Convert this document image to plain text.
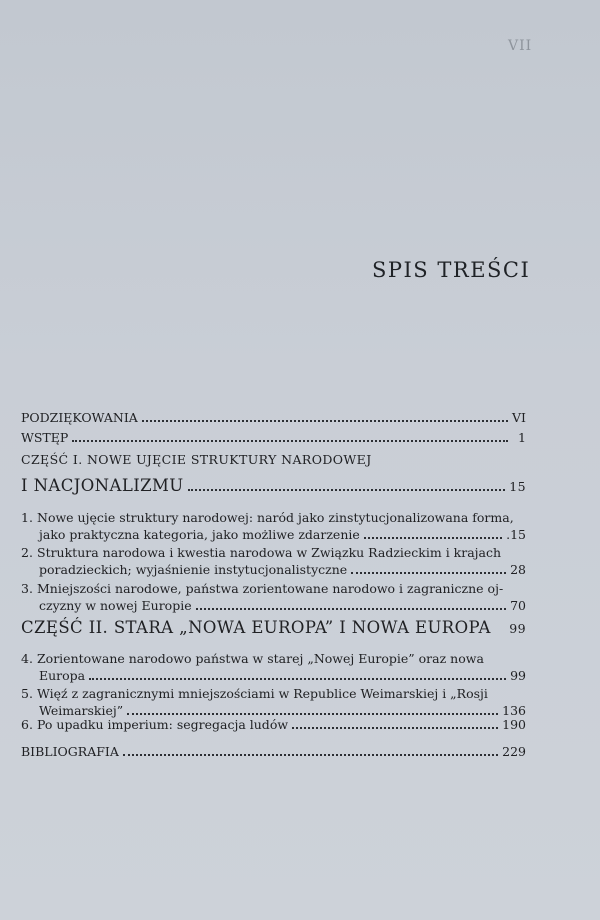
VII
SPIS TREŚCI
PODZIĘKOWANIA	VI
WSTĘP	1
CZĘŚĆ I. NOWE UJĘCIE STRUKTURY NARODOWEJ
I NACJONALIZMU	15
1. Nowe ujęcie struktury narodowej: naród jako zinstytucjonalizowana forma,
jako praktyczna kategoria, jako możliwe zdarzenie	.15
2. Struktura narodowa i kwestia narodowa w Związku Radzieckim i krajach
poradzieckich; wyjaśnienie instytucjonalistyczne	28
3. Mniejszości narodowe, państwa zorientowane narodowo i zagraniczne oj-
czyzny w nowej Europie	70
CZĘŚĆ II. STARA „NOWA EUROPA” I NOWA EUROPA 99
4. Zorientowane narodowo państwa w starej „Nowej Europie” oraz nowa
Europa	99
5. Więź z zagranicznymi mniejszościami w Republice Weimarskiej i „Rosji
Weimarskiej”	136
6. Po upadku imperium: segregacja ludów	190
BIBLIOGRAFIA	229
